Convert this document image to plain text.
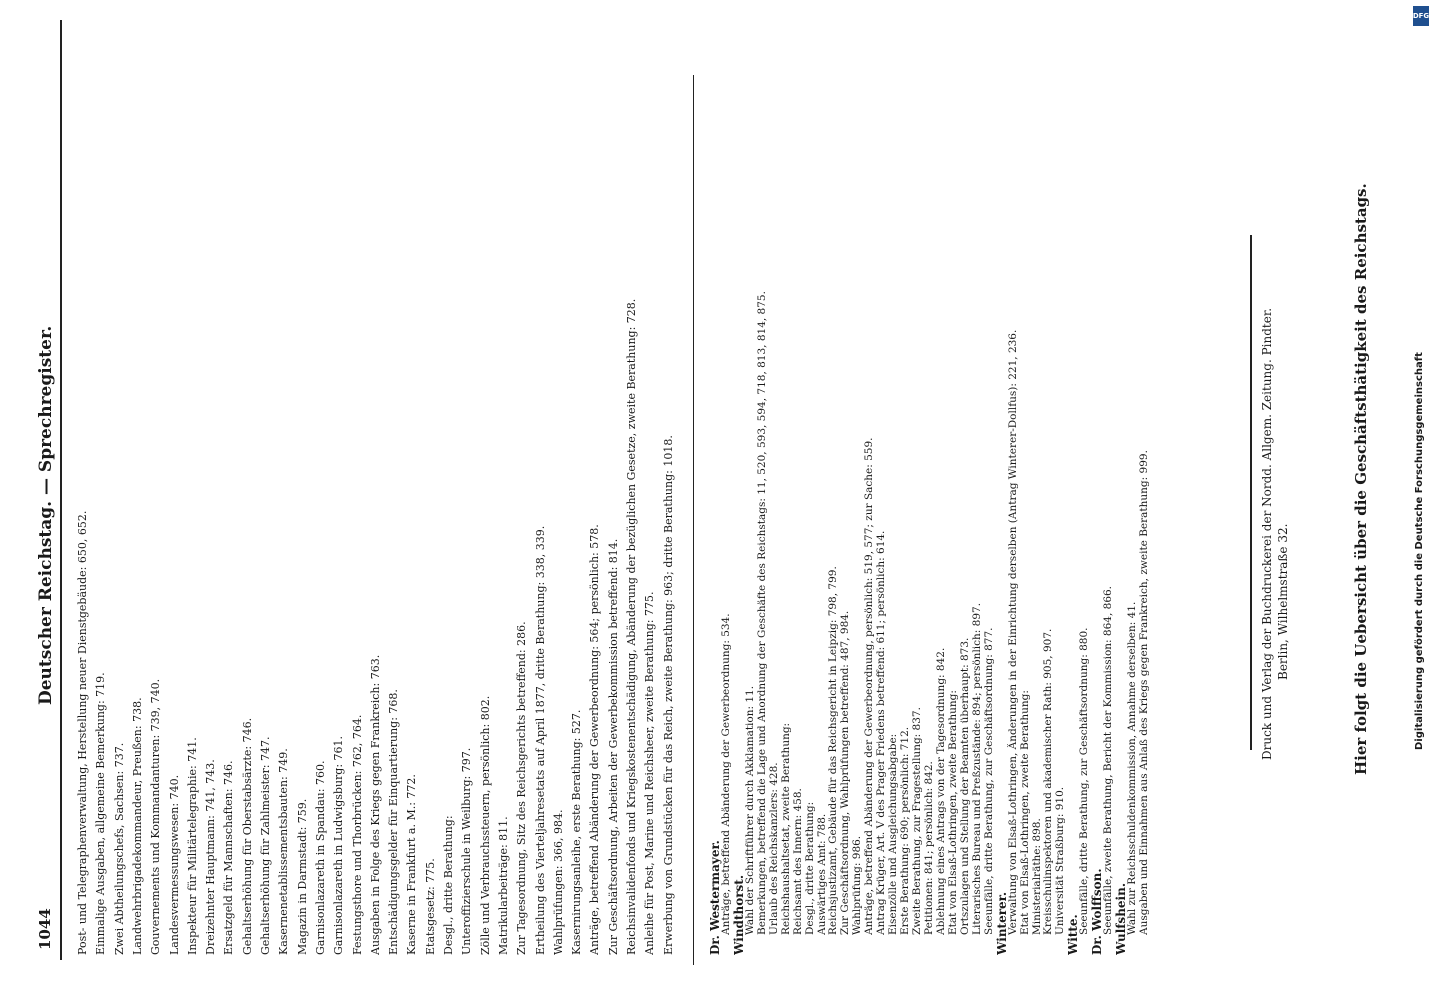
1044
Deutscher Reichstag. — Sprechregister. Post- und Telegraphenverwaltung, Herstellung neuer Dienstgebäude: 650, 652. Einmalige Ausgaben, allgemeine Bemerkung: 719. Zwei Abtheilungschefs, Sachsen: 737. Landwehrbrigadekommandeur, Preußen: 738. Gouvernements und Kommandanturen: 739, 740. Landesvermessungswesen: 740. Inspekteur für Militärtelegraphie: 741. Dreizehnter Hauptmann: 741, 743. Ersatzgeld für Mannschaften: 746. Gehaltserhöhung für Oberstabsärzte: 746. Gehaltserhöhung für Zahlmeister: 747. Kasernenetablissementsbauten: 749. Magazin in Darmstadt: 759. Garnisonlazareth in Spandau: 760. Garnisonlazareth in Ludwigsburg: 761. Festungsthore und Thorbrücken: 762, 764. Ausgaben in Folge des Kriegs gegen Frankreich: 763. Entschädigungsgelder für Einquartierung: 768. Kaserne in Frankfurt a. M.: 772. Etatsgesetz: 775. Desgl., dritte Berathung: Unteroffizierschule in Weilburg: 797. Zölle und Verbrauchssteuern, persönlich: 802. Matrikularbeiträge: 811. Zur Tagesordnung, Sitz des Reichsgerichts betreffend: 286. Ertheilung des Vierteljahresetats auf April 1877, dritte Berathung: 338, 339. Wahlprüfungen: 366, 984. Kasernirungsanleihe, erste Berathung: 527. Anträge, betreffend Abänderung der Gewerbeordnung: 564; persönlich: 578. Zur Geschäftsordnung, Arbeiten der Gewerbekommission betreffend: 814. Reichsinvalidenfonds und Kriegskostenentschädigung, Abänderung der bezüglichen Gesetze, zweite Berathung: 728. Anleihe für Post, Marine und Reichsheer, zweite Berathung: 775. Erwerbung von Grundstücken für das Reich, zweite Berathung: 963; dritte Berathung: 1018.	Dr. Westermayer.
Anträge, betreffend Abänderung der Gewerbeordnung: 534. Windthorst.
Wahl der Schriftführer durch Akklamation: 11. Bemerkungen, betreffend die Lage und Anordnung der Geschäfte des Reichstags: 11, 520, 593, 594, 718, 813, 814, 875. Urlaub des Reichskanzlers: 428. Reichshaushaltsetat, zweite Berathung: Reichsamt des Innern: 458. Desgl., dritte Berathung: Auswärtiges Amt: 788. Reichsjustizamt, Gebäude für das Reichsgericht in Leipzig: 798, 799. Zur Geschäftsordnung, Wahlprüfungen betreffend: 487, 984. Wahlprüfung: 986. Anträge, betreffend Abänderung der Gewerbeordnung, persönlich: 519, 577; zur Sache: 559. Antrag Krüger, Art. V des Prager Friedens betreffend: 611; persönlich: 614. Eisenzölle und Ausgleichungsabgabe: Erste Berathung: 690; persönlich: 712. Zweite Berathung, zur Fragestellung: 837. Petitionen: 841; persönlich: 842. Ablehnung eines Antrags von der Tagesordnung: 842. Etat von Elsaß-Lothringen, zweite Berathung: Ortszulagen und Stellung der Beamten überhaupt: 873. Literarisches Bureau und Preßzustände: 894; persönlich: 897. Seeunfälle, dritte Berathung, zur Geschäftsordnung: 877. Winterer.
Verwaltung von Elsaß-Lothringen, Änderungen in der Einrichtung derselben (Antrag Winterer-Dollfus): 221, 236. Etat von Elsaß-Lothringen, zweite Berathung: Ministerialräthe: 898. Kreisschulinspektoren und akademischer Rath: 905, 907. Universität Straßburg: 910. Witte.
Seeunfälle, dritte Berathung, zur Geschäftsordnung: 880. Dr. Wolffson.
Seeunfälle, zweite Berathung, Bericht der Kommission: 864, 866. Wulfshein.
Wahl zur Reichsschuldenkommission, Annahme derselben: 41. Ausgaben und Einnahmen aus Anlaß des Kriegs gegen Frankreich, zweite Berathung: 999.	Druck und Verlag der Buchdruckerei der Nordd. Allgem. Zeitung. Pindter. Berlin, Wilhelmstraße 32.	Hier folgt die Uebersicht über die Geschäftsthätigkeit des Reichstags.	Digitalisierung gefördert durch die Deutsche Forschungsgemeinschaft
DFG
